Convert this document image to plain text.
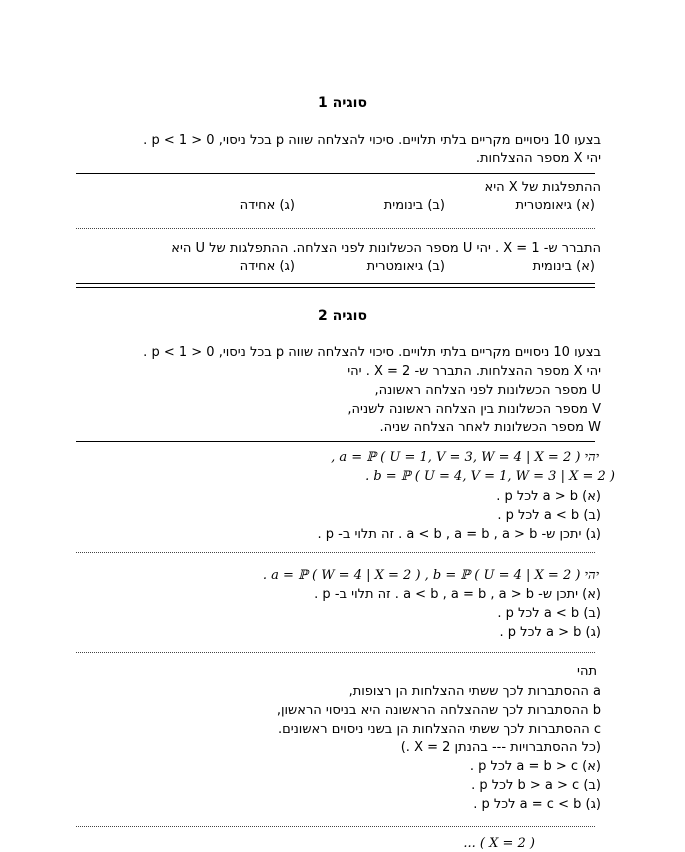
סוגיה 1
בצעו 10 ניסויים מקריים בלתי תלויים. סיכוי להצלחה שווה p בכל ניסוי, 0 < p < 1 .
יהי X מספר ההצלחות.
ההתפלגות של X היא
(א) גיאומטרית
(ב) בינומית
(ג) אחידה
התברר ש- X = 1 . יהי U מספר הכשלונות לפני הצלחה. ההתפלגות של U היא
(א) בינומית
(ב) גיאומטרית
(ג) אחידה
סוגיה 2
בצעו 10 ניסויים מקריים בלתי תלויים. סיכוי להצלחה שווה p בכל ניסוי, 0 < p < 1 .
יהי X מספר ההצלחות. התברר ש- X = 2 . יהי
U מספר הכשלונות לפני הצלחה ראשונה,
V מספר הכשלונות בין הצלחה ראשונה לשניה,
W מספר הכשלונות לאחר הצלחה שניה.
יהי a = ℙ ( U = 1, V = 3, W = 4 | X = 2 ) ,
b = ℙ ( U = 4, V = 1, W = 3 | X = 2 ) .
(א) a > b לכל p .
(ב) a < b לכל p .
(ג) יתכן ש- a < b , a = b , a > b . זה תלוי ב- p .
יהי a = ℙ ( W = 4 | X = 2 ) , b = ℙ ( U = 4 | X = 2 ) .
(א) יתכן ש- a < b , a = b , a > b . זה תלוי ב- p .
(ב) a < b לכל p .
(ג) a > b לכל p .
תהי
a ההסתברות לכך ששתי ההצלחות הן רצופות,
b ההסתברות לכך שההצלחה הראשונה היא בניסוי הראשון,
c ההסתברות לכך ששתי ההצלחות הן בשני ניסוים ראשונים.
(כל ההסתברויות --- בהנתן X = 2 .)
(א) a = b > c לכל p .
(ב) b > a > c לכל p .
(ג) a = c < b לכל p .
( X = 2 ) ...
